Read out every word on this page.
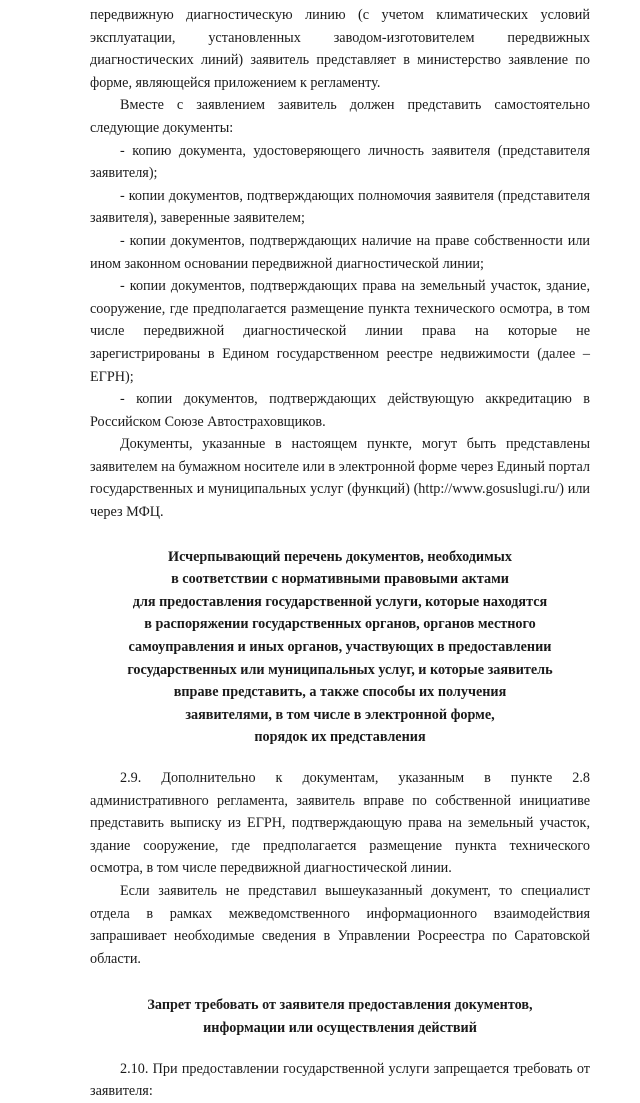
передвижную диагностическую линию (с учетом климатических условий эксплуатации, установленных заводом-изготовителем передвижных диагностических линий) заявитель представляет в министерство заявление по форме, являющейся приложением к регламенту.

Вместе с заявлением заявитель должен представить самостоятельно следующие документы:

- копию документа, удостоверяющего личность заявителя (представителя заявителя);

- копии документов, подтверждающих полномочия заявителя (представителя заявителя), заверенные заявителем;

- копии документов, подтверждающих наличие на праве собственности или ином законном основании передвижной диагностической линии;

- копии документов, подтверждающих права на земельный участок, здание, сооружение, где предполагается размещение пункта технического осмотра, в том числе передвижной диагностической линии права на которые не зарегистрированы в Едином государственном реестре недвижимости (далее – ЕГРН);

- копии документов, подтверждающих действующую аккредитацию в Российском Союзе Автостраховщиков.

Документы, указанные в настоящем пункте, могут быть представлены заявителем на бумажном носителе или в электронной форме через Единый портал государственных и муниципальных услуг (функций) (http://www.gosuslugi.ru/) или через МФЦ.

Исчерпывающий перечень документов, необходимых
в соответствии с нормативными правовыми актами
для предоставления государственной услуги, которые находятся
в распоряжении государственных органов, органов местного
самоуправления и иных органов, участвующих в предоставлении
государственных или муниципальных услуг, и которые заявитель
вправе представить, а также способы их получения
заявителями, в том числе в электронной форме,
порядок их представления

2.9. Дополнительно к документам, указанным в пункте 2.8 административного регламента, заявитель вправе по собственной инициативе представить выписку из ЕГРН, подтверждающую права на земельный участок, здание сооружение, где предполагается размещение пункта технического осмотра, в том числе передвижной диагностической линии.

Если заявитель не представил вышеуказанный документ, то специалист отдела в рамках межведомственного информационного взаимодействия запрашивает необходимые сведения в Управлении Росреестра по Саратовской области.

Запрет требовать от заявителя предоставления документов,
информации или осуществления действий

2.10. При предоставлении государственной услуги запрещается требовать от заявителя:
